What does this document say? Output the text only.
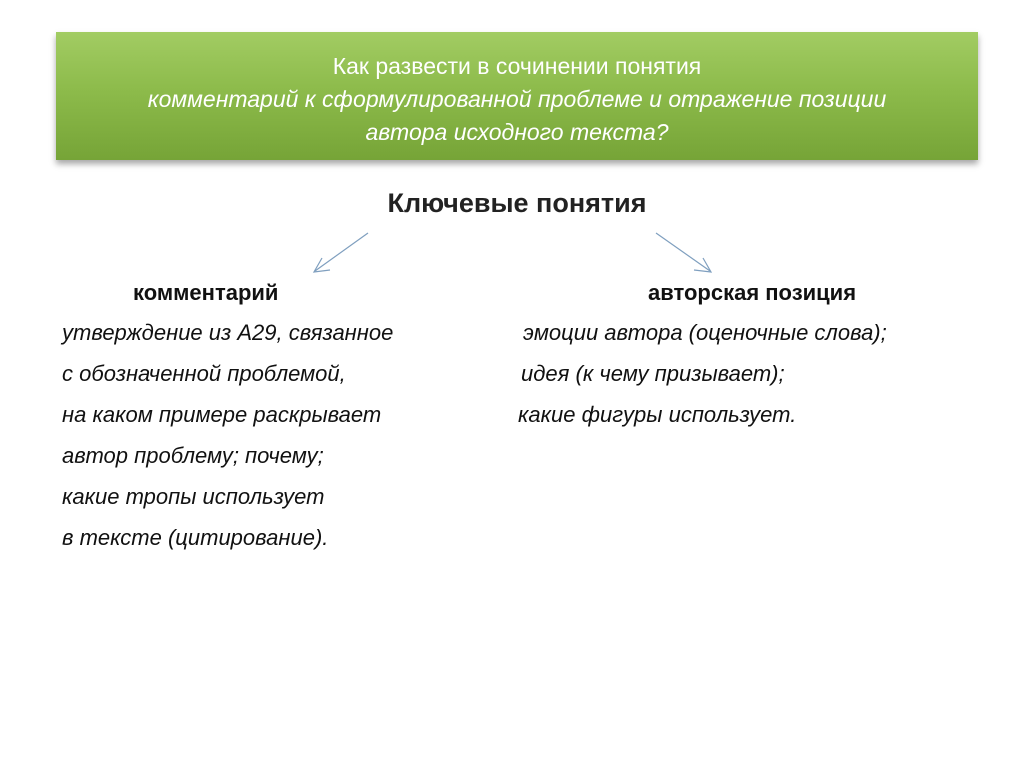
Как развести в сочинении понятия
комментарий к сформулированной проблеме и отражение позиции
автора исходного текста?
Ключевые понятия
комментарий	авторская позиция
утверждение из А29, связанное
с обозначенной проблемой,
на каком примере раскрывает
автор проблему; почему;
какие тропы использует
в тексте (цитирование).
эмоции автора (оценочные слова);
идея (к чему призывает);
какие фигуры использует.
